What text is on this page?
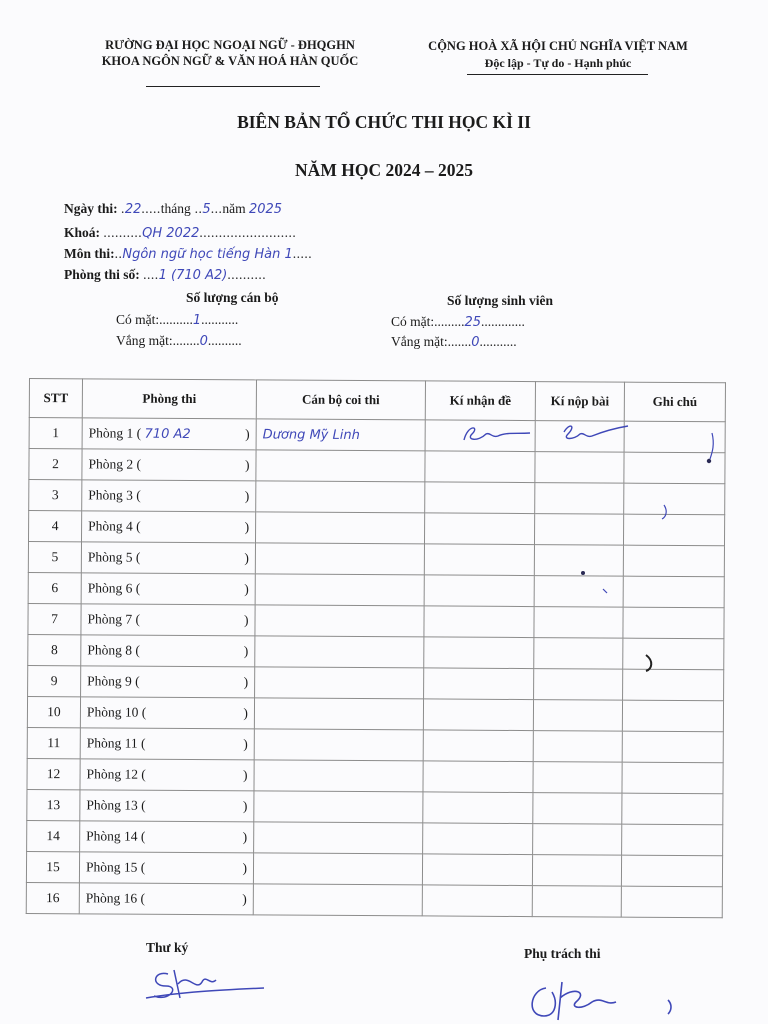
RƯỜNG ĐẠI HỌC NGOẠI NGỮ - ĐHQGHN
KHOA NGÔN NGỮ & VĂN HOÁ HÀN QUỐC
CỘNG HOÀ XÃ HỘI CHỦ NGHĨA VIỆT NAM
Độc lập - Tự do - Hạnh phúc
BIÊN BẢN TỔ CHỨC THI HỌC KÌ II
NĂM HỌC 2024 – 2025
Ngày thi: .22.....tháng ..5...năm 2025
Khoá: ..........QH 2022.........................
Môn thi:..Ngôn ngữ học tiếng Hàn 1.....
Phòng thi số: ....1 (710 A2)..........
Số lượng cán bộ
Có mặt:..........1...........
Vắng mặt:........0..........
Số lượng sinh viên
Có mặt:.........25.............
Vắng mặt:.......0...........
STT	Phòng thi	Cán bộ coi thi	Kí nhận đề	Kí nộp bài	Ghi chú
1	Phòng 1 ( 710 A2 )	Dương Mỹ Linh			
2	Phòng 2 ( )				

3	Phòng 3 ( )				

4	Phòng 4 ( )				

5	Phòng 5 ( )				

6	Phòng 6 ( )				

7	Phòng 7 ( )				

8	Phòng 8 ( )				

9	Phòng 9 ( )				

10	Phòng 10 ( )				

11	Phòng 11 ( )				

12	Phòng 12 ( )				

13	Phòng 13 ( )				

14	Phòng 14 ( )				

15	Phòng 15 ( )				

16	Phòng 16 ( )				

Thư ký	Phụ trách thi
